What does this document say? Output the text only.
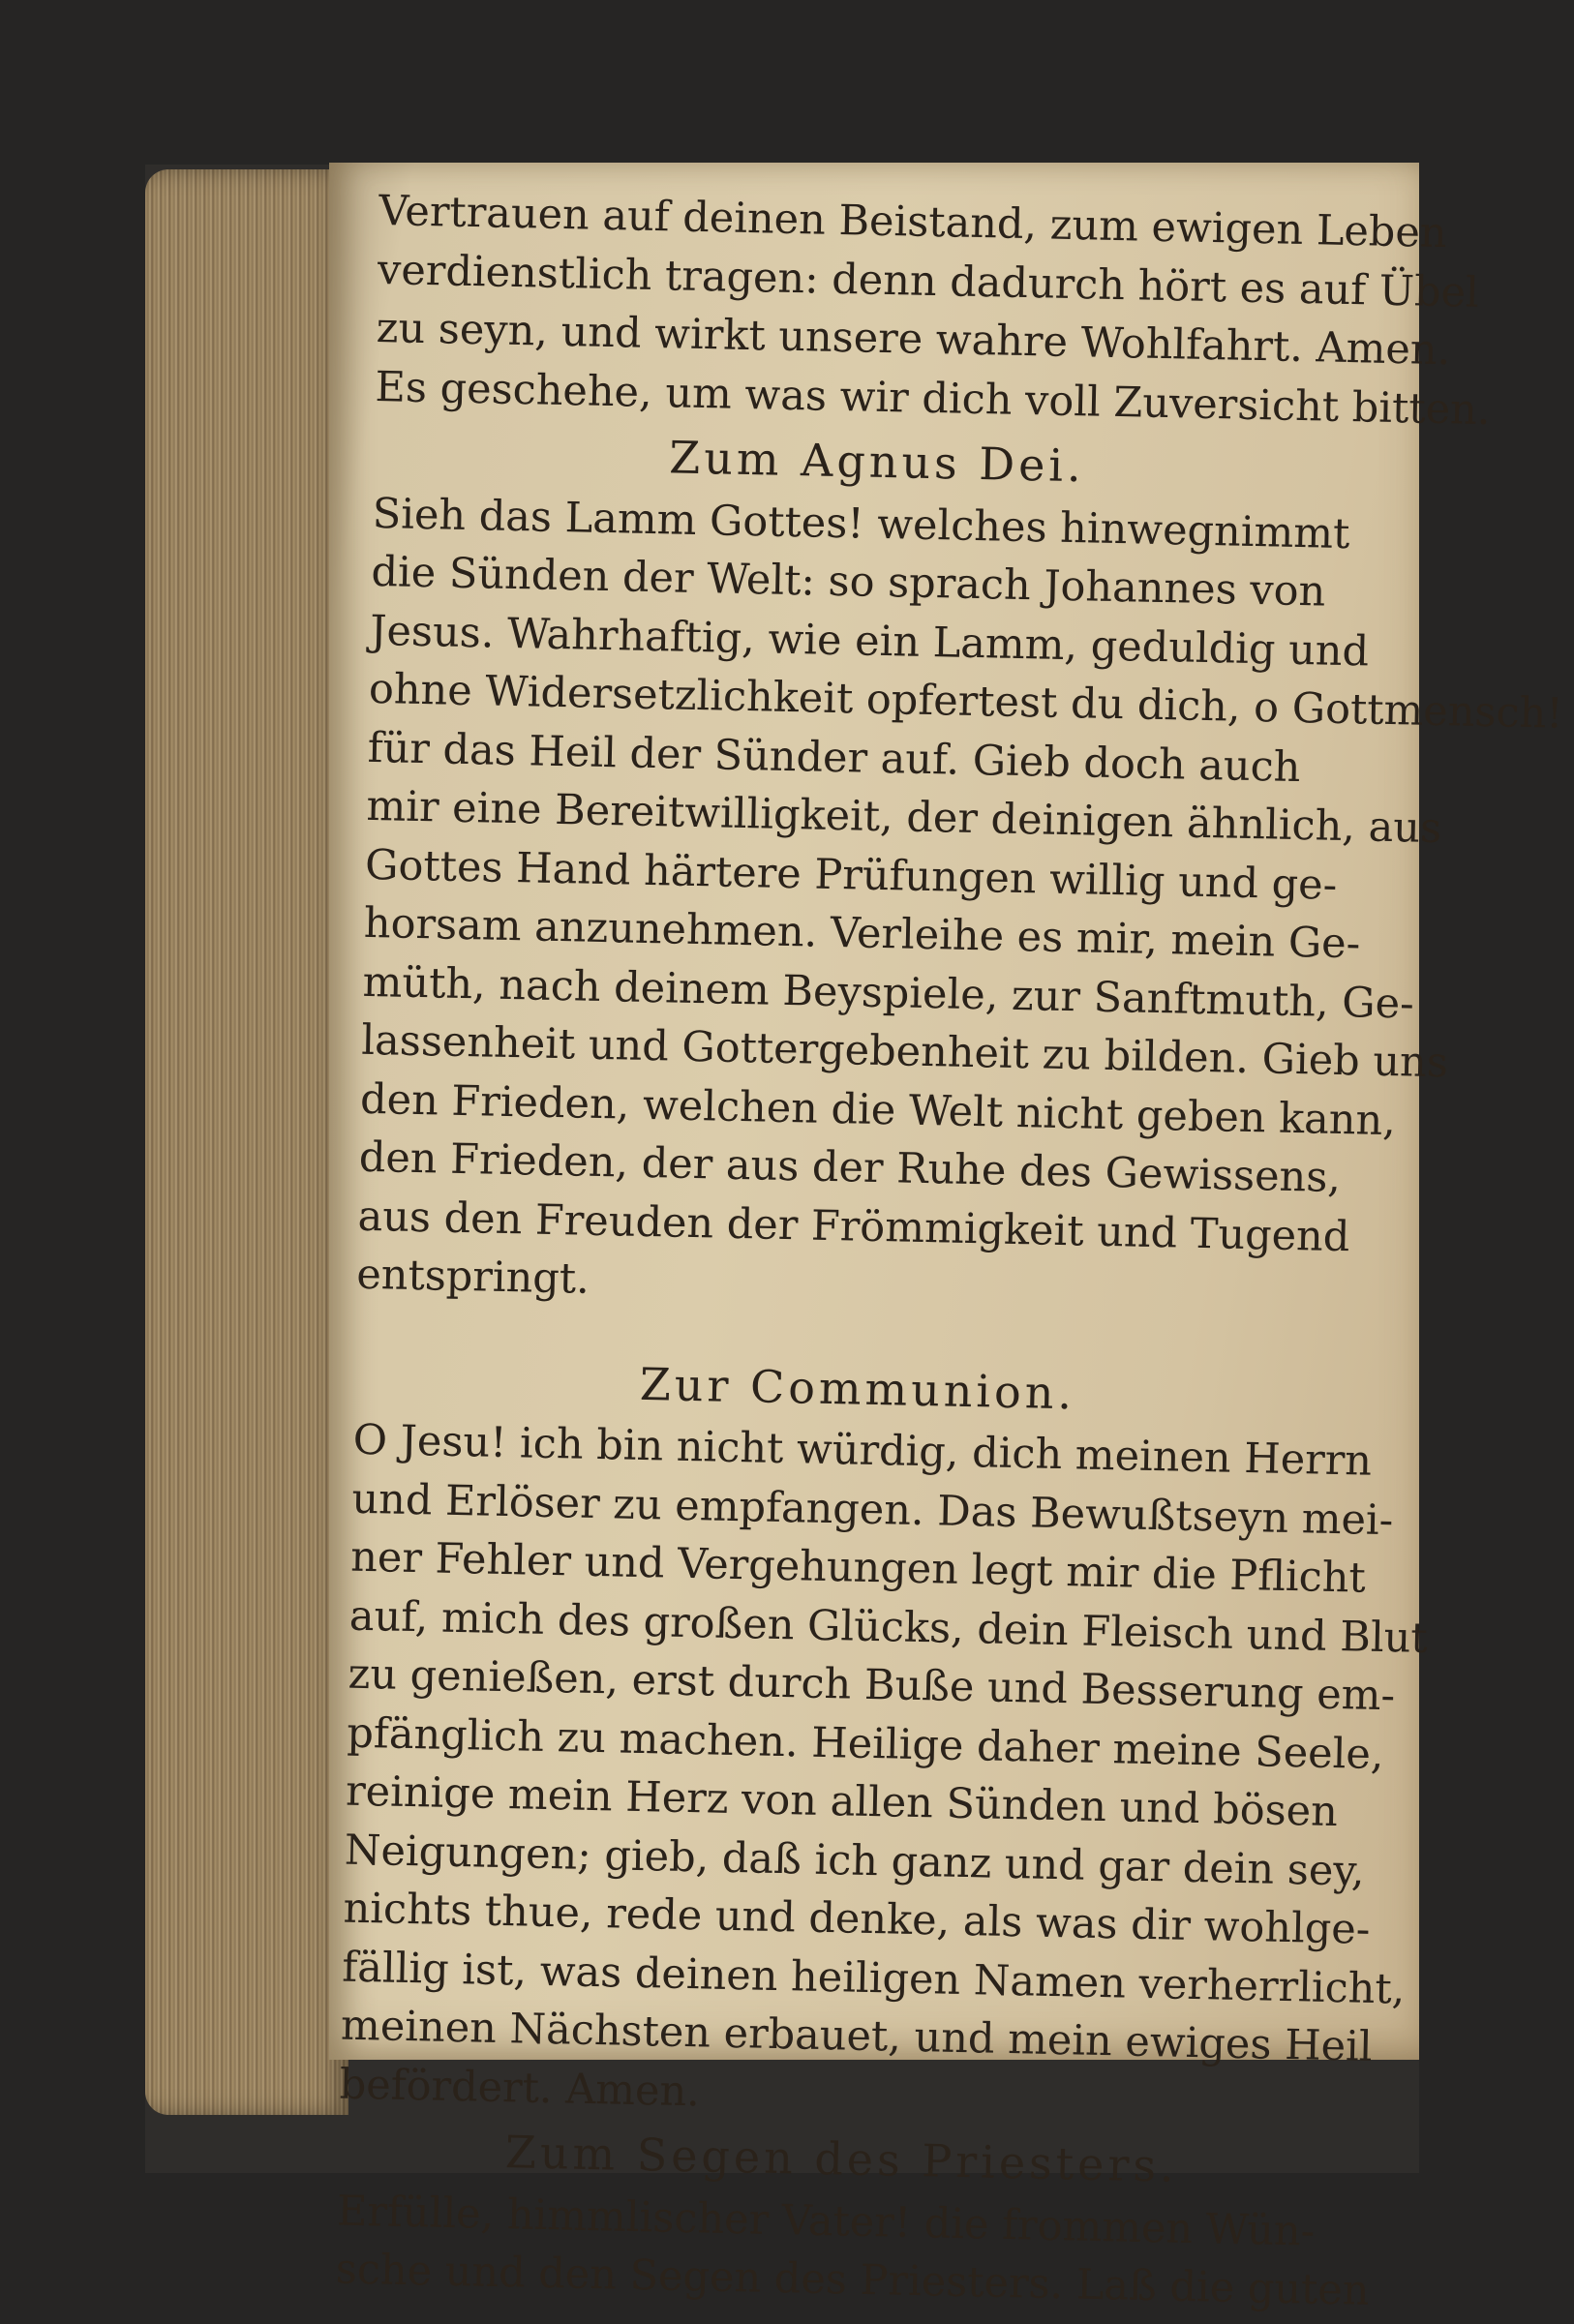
Vertrauen auf deinen Beistand, zum ewigen Leben
verdienstlich tragen: denn dadurch hört es auf Übel
zu seyn, und wirkt unsere wahre Wohlfahrt. Amen.
Es geschehe, um was wir dich voll Zuversicht bitten.
Zum Agnus Dei.
Sieh das Lamm Gottes! welches hinwegnimmt
die Sünden der Welt: so sprach Johannes von
Jesus. Wahrhaftig, wie ein Lamm, geduldig und
ohne Widersetzlichkeit opfertest du dich, o Gottmensch!
für das Heil der Sünder auf. Gieb doch auch
mir eine Bereitwilligkeit, der deinigen ähnlich, aus
Gottes Hand härtere Prüfungen willig und ge-
horsam anzunehmen. Verleihe es mir, mein Ge-
müth, nach deinem Beyspiele, zur Sanftmuth, Ge-
lassenheit und Gottergebenheit zu bilden. Gieb uns
den Frieden, welchen die Welt nicht geben kann,
den Frieden, der aus der Ruhe des Gewissens,
aus den Freuden der Frömmigkeit und Tugend
entspringt.
Zur Communion.
O Jesu! ich bin nicht würdig, dich meinen Herrn
und Erlöser zu empfangen. Das Bewußtseyn mei-
ner Fehler und Vergehungen legt mir die Pflicht
auf, mich des großen Glücks, dein Fleisch und Blut
zu genießen, erst durch Buße und Besserung em-
pfänglich zu machen. Heilige daher meine Seele,
reinige mein Herz von allen Sünden und bösen
Neigungen; gieb, daß ich ganz und gar dein sey,
nichts thue, rede und denke, als was dir wohlge-
fällig ist, was deinen heiligen Namen verherrlicht,
meinen Nächsten erbauet, und mein ewiges Heil
befördert. Amen.
Zum Segen des Priesters.
Erfülle, himmlischer Vater! die frommen Wün-
sche und den Segen des Priesters. Laß die guten
